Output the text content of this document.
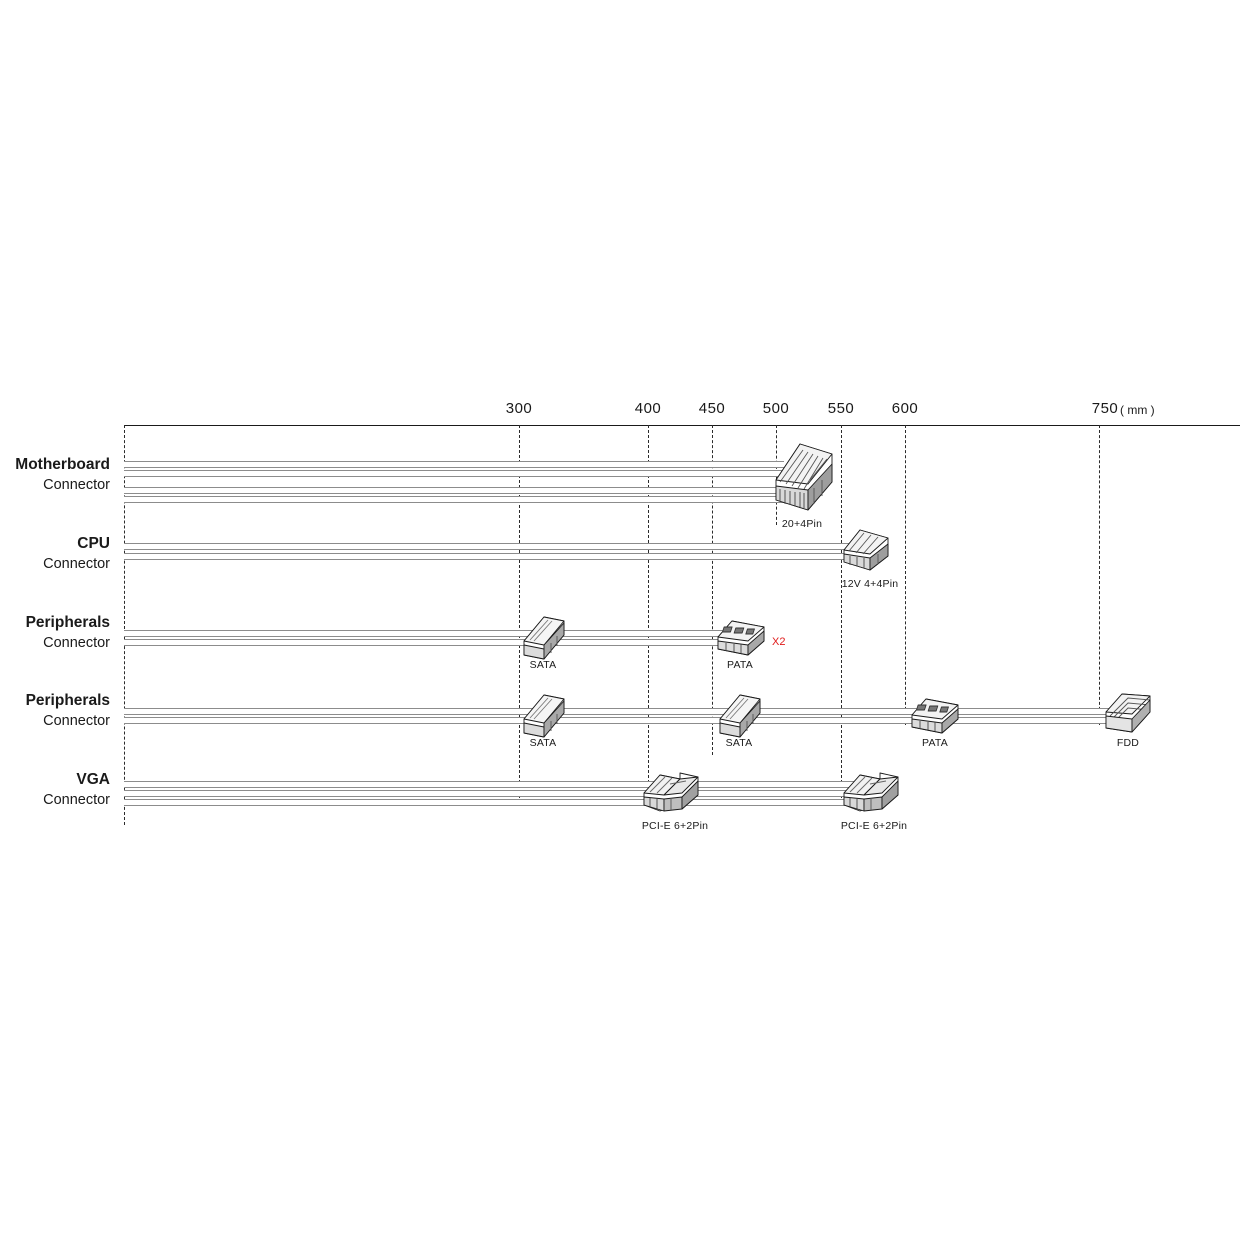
300	400 450 500	550 600	750 ( mm )
Motherboard
Connector
20+4Pin
CPU
Connector
12V 4+4Pin
Peripherals
Connector
SATA	PATA
X2
Peripherals
Connector
SATA	SATA	PATA	FDD
VGA
Connector
PCI-E 6+2Pin	PCI-E 6+2Pin
